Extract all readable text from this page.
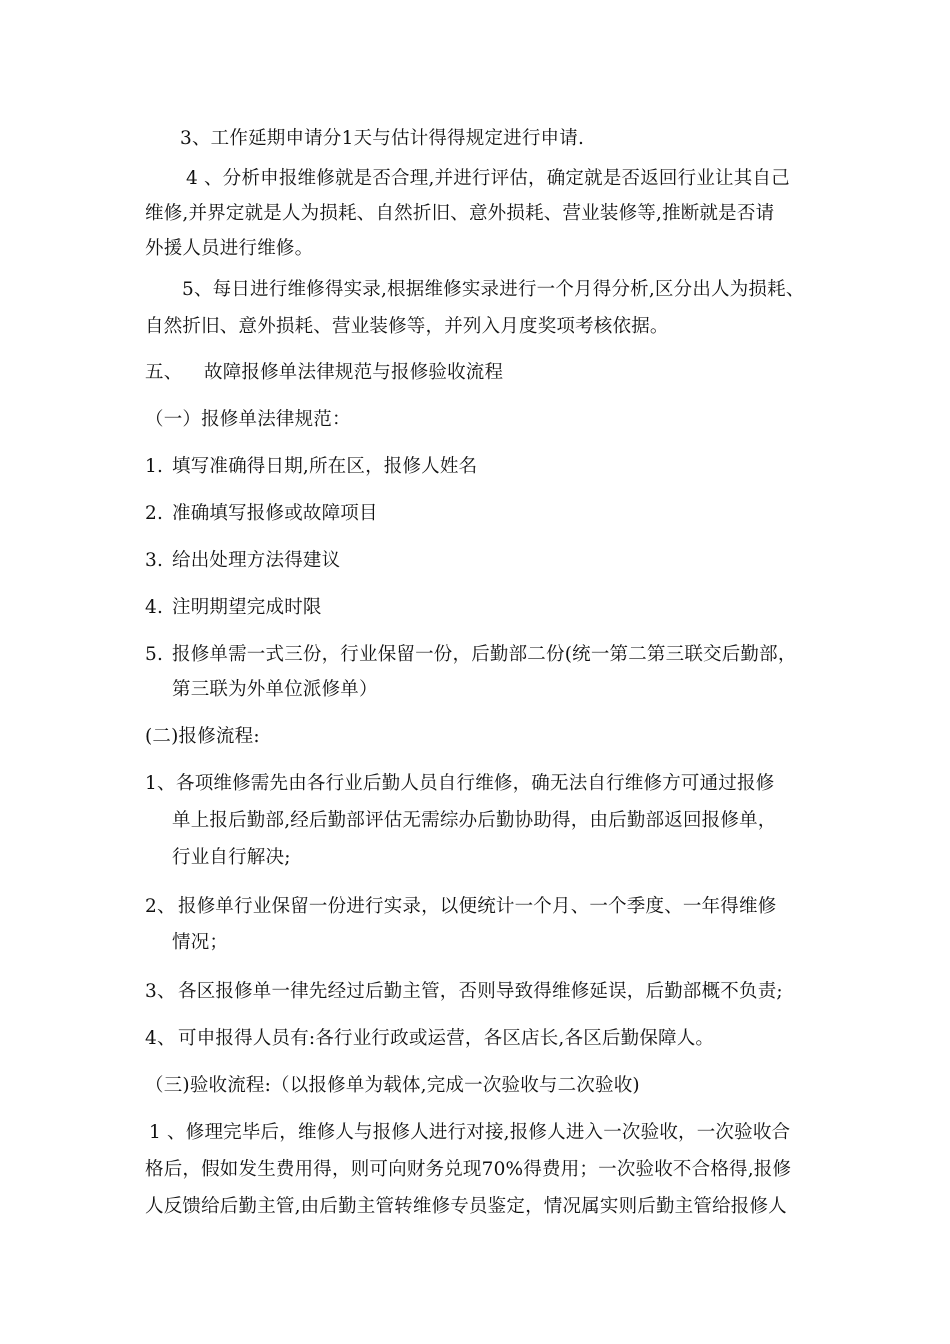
3、工作延期申请分1天与估计得得规定进行申请.
4 、分析申报维修就是否合理,并进行评估，确定就是否返回行业让其自己
维修,并界定就是人为损耗、自然折旧、意外损耗、营业装修等,推断就是否请
外援人员进行维修。
5、每日进行维修得实录,根据维修实录进行一个月得分析,区分出人为损耗、
自然折旧、意外损耗、营业装修等，并列入月度奖项考核依据。
五、 故障报修单法律规范与报修验收流程
（一）报修单法律规范：
1. 填写准确得日期,所在区，报修人姓名
2. 准确填写报修或故障项目
3. 给出处理方法得建议
4. 注明期望完成时限
5. 报修单需一式三份，行业保留一份，后勤部二份(统一第二第三联交后勤部，
第三联为外单位派修单）
(二)报修流程:
1、 各项维修需先由各行业后勤人员自行维修，确无法自行维修方可通过报修
单上报后勤部,经后勤部评估无需综办后勤协助得，由后勤部返回报修单，
行业自行解决;
2、 报修单行业保留一份进行实录，以便统计一个月、一个季度、一年得维修
情况；
3、 各区报修单一律先经过后勤主管，否则导致得维修延误，后勤部概不负责;
4、 可申报得人员有:各行业行政或运营，各区店长,各区后勤保障人。
（三)验收流程:（以报修单为载体,完成一次验收与二次验收)
1 、修理完毕后，维修人与报修人进行对接,报修人进入一次验收，一次验收合
格后，假如发生费用得，则可向财务兑现70%得费用；一次验收不合格得,报修
人反馈给后勤主管,由后勤主管转维修专员鉴定，情况属实则后勤主管给报修人
